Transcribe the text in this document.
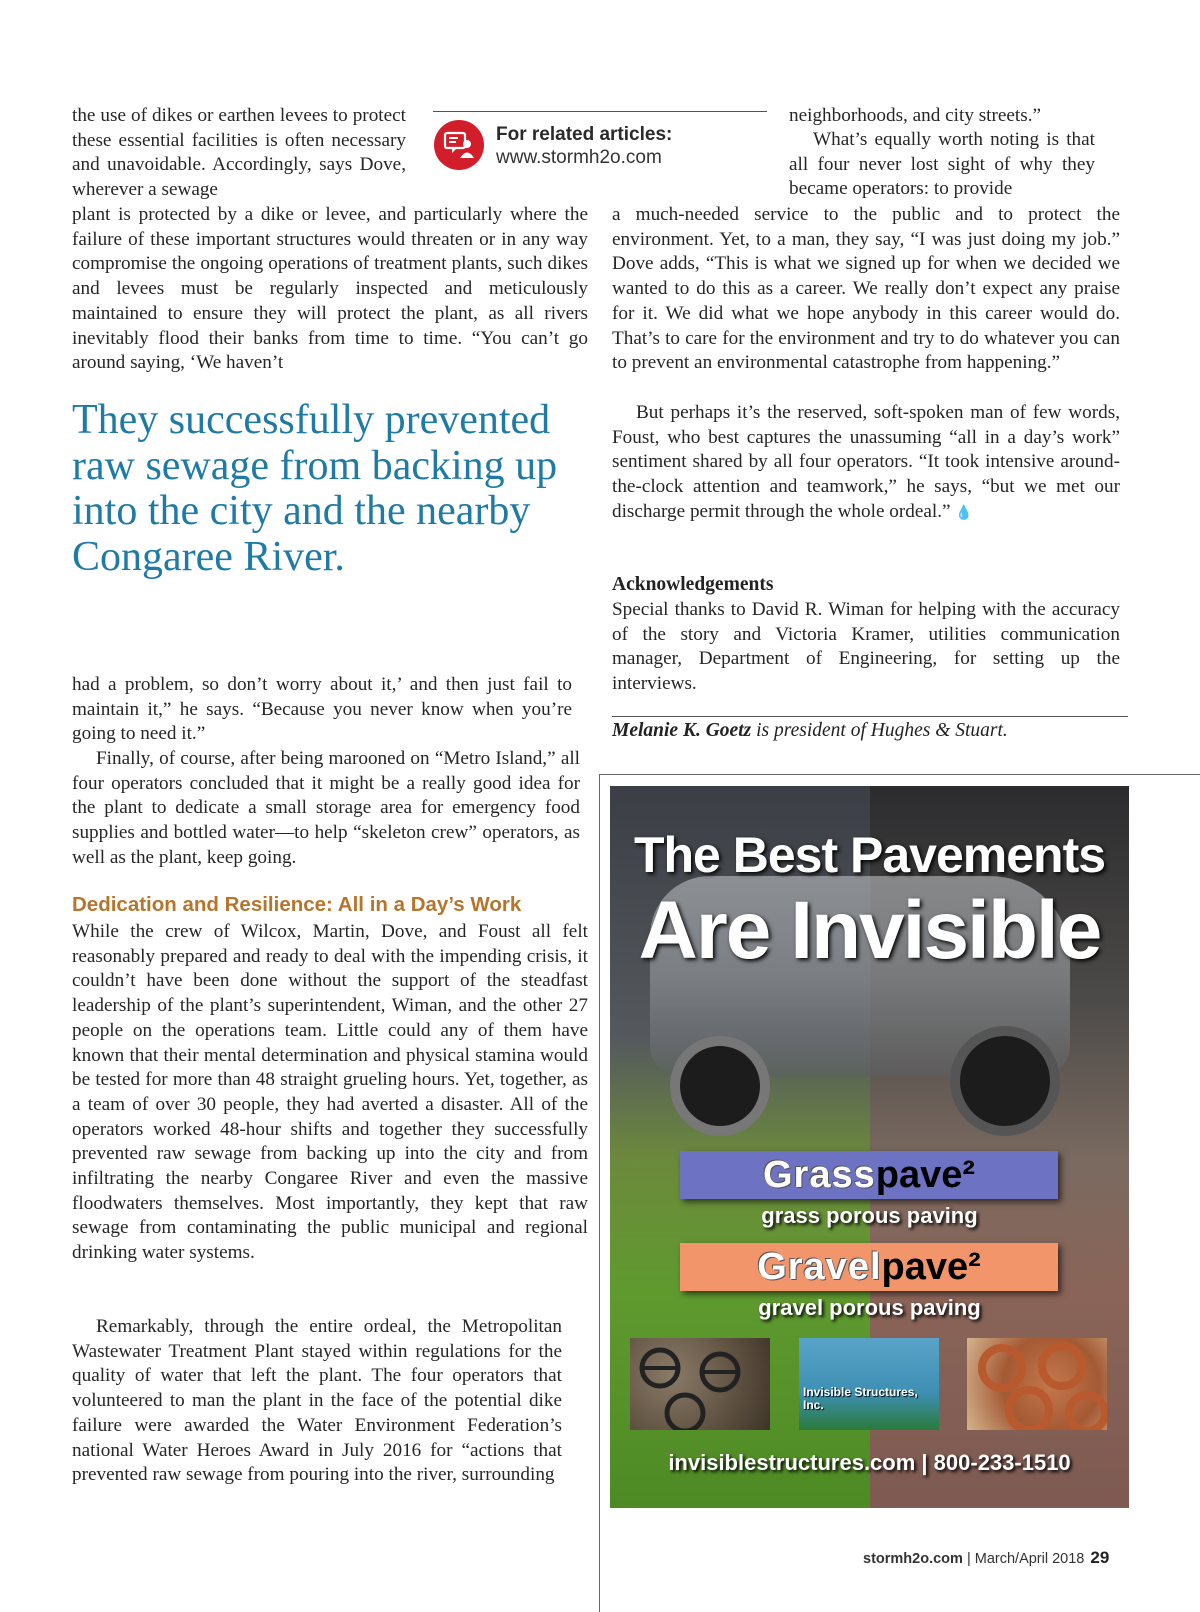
For related articles:
www.stormh2o.com

the use of dikes or earthen levees to protect these essential facilities is often necessary and unavoidable. Accordingly, says Dove, wherever a sewage

plant is protected by a dike or levee, and particularly where the failure of these important structures would threaten or in any way compromise the ongoing operations of treatment plants, such dikes and levees must be regularly inspected and meticulously maintained to ensure they will protect the plant, as all rivers inevitably flood their banks from time to time. “You can’t go around saying, ‘We haven’t

They successfully prevented raw sewage from backing up into the city and the nearby Congaree River.

had a problem, so don’t worry about it,’ and then just fail to maintain it,” he says. “Because you never know when you’re going to need it.”

Finally, of course, after being marooned on “Metro Island,” all four operators concluded that it might be a really good idea for the plant to dedicate a small storage area for emergency food supplies and bottled water—to help “skeleton crew” operators, as well as the plant, keep going.

Dedication and Resilience: All in a Day’s Work

While the crew of Wilcox, Martin, Dove, and Foust all felt reasonably prepared and ready to deal with the impending crisis, it couldn’t have been done without the support of the steadfast leadership of the plant’s superintendent, Wiman, and the other 27 people on the operations team. Little could any of them have known that their mental determination and physical stamina would be tested for more than 48 straight grueling hours. Yet, together, as a team of over 30 people, they had averted a disaster. All of the operators worked 48-hour shifts and together they successfully prevented raw sewage from backing up into the city and from infiltrating the nearby Congaree River and even the massive floodwaters themselves. Most importantly, they kept that raw sewage from contaminating the public municipal and regional drinking water systems.

Remarkably, through the entire ordeal, the Metropolitan Wastewater Treatment Plant stayed within regulations for the quality of water that left the plant. The four operators that volunteered to man the plant in the face of the potential dike failure were awarded the Water Environment Federation’s national Water Heroes Award in July 2016 for “actions that prevented raw sewage from pouring into the river, surrounding

neighborhoods, and city streets.”

What’s equally worth noting is that all four never lost sight of why they became operators: to provide

a much-needed service to the public and to protect the environment. Yet, to a man, they say, “I was just doing my job.” Dove adds, “This is what we signed up for when we decided we wanted to do this as a career. We really don’t expect any praise for it. We did what we hope anybody in this career would do. That’s to care for the environment and try to do whatever you can to prevent an environmental catastrophe from happening.”

But perhaps it’s the reserved, soft-spoken man of few words, Foust, who best captures the unassuming “all in a day’s work” sentiment shared by all four operators. “It took intensive around-the-clock attention and teamwork,” he says, “but we met our discharge permit through the whole ordeal.” 💧

Acknowledgements

Special thanks to David R. Wiman for helping with the accuracy of the story and Victoria Kramer, utilities communication manager, Department of Engineering, for setting up the interviews.

Melanie K. Goetz is president of Hughes & Stuart.
The Best Pavements
Are Invisible
Grass pave²
grass porous paving
Gravel pave²
gravel porous paving
Invisible Structures, Inc.
invisiblestructures.com | 800-233-1510
stormh2o.com | March/April 2018 29
